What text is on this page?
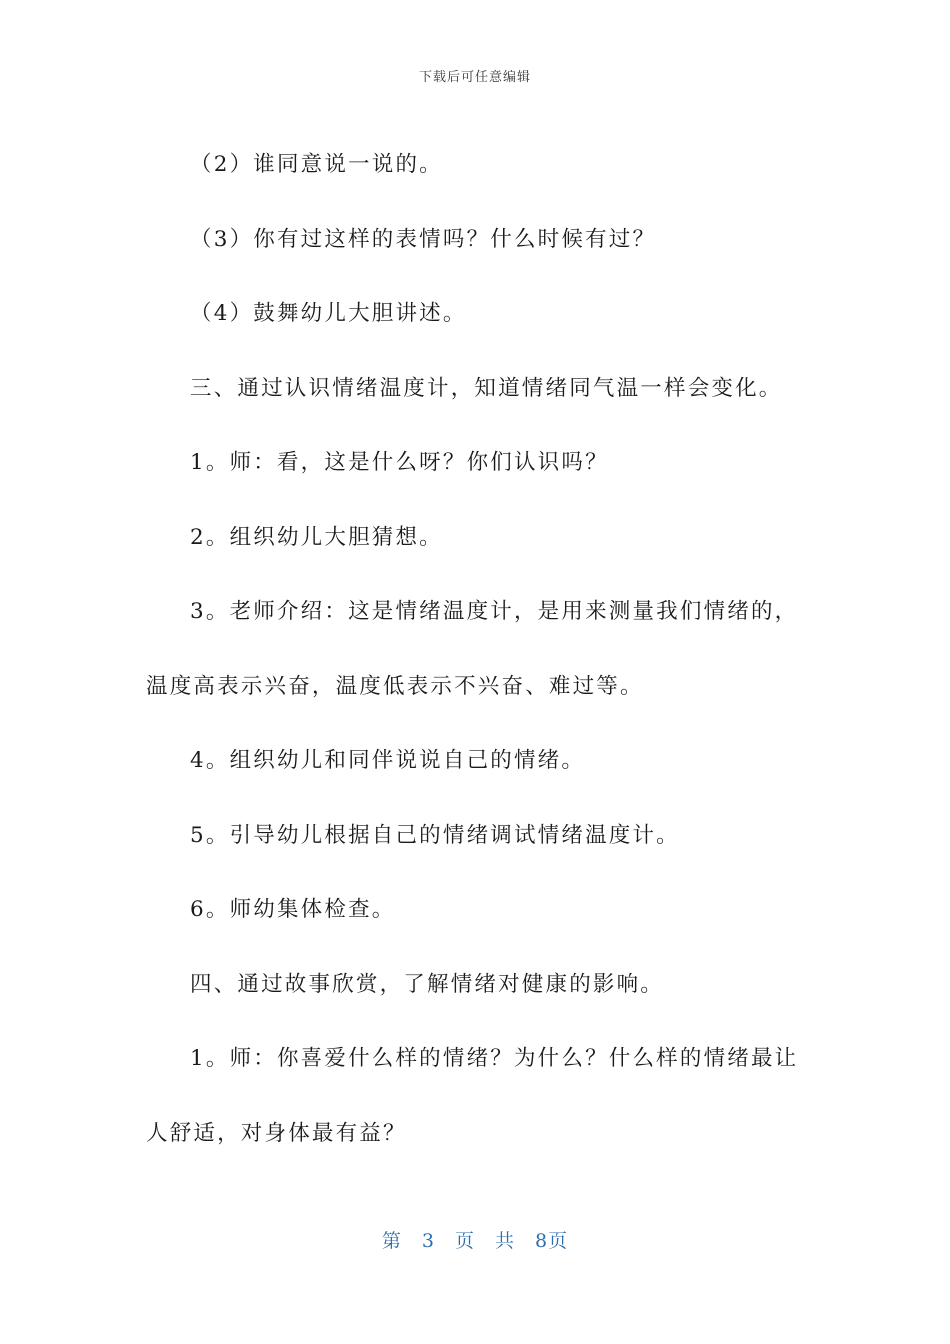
下载后可任意编辑

（2）谁同意说一说的。

（3）你有过这样的表情吗？什么时候有过？

（4）鼓舞幼儿大胆讲述。

三、通过认识情绪温度计，知道情绪同气温一样会变化。

1。师：看，这是什么呀？你们认识吗？

2。组织幼儿大胆猜想。

3。老师介绍：这是情绪温度计，是用来测量我们情绪的，

温度高表示兴奋，温度低表示不兴奋、难过等。

4。组织幼儿和同伴说说自己的情绪。

5。引导幼儿根据自己的情绪调试情绪温度计。

6。师幼集体检查。

四、通过故事欣赏，了解情绪对健康的影响。

1。师：你喜爱什么样的情绪？为什么？什么样的情绪最让

人舒适，对身体最有益？

第 3 页 共 8页
